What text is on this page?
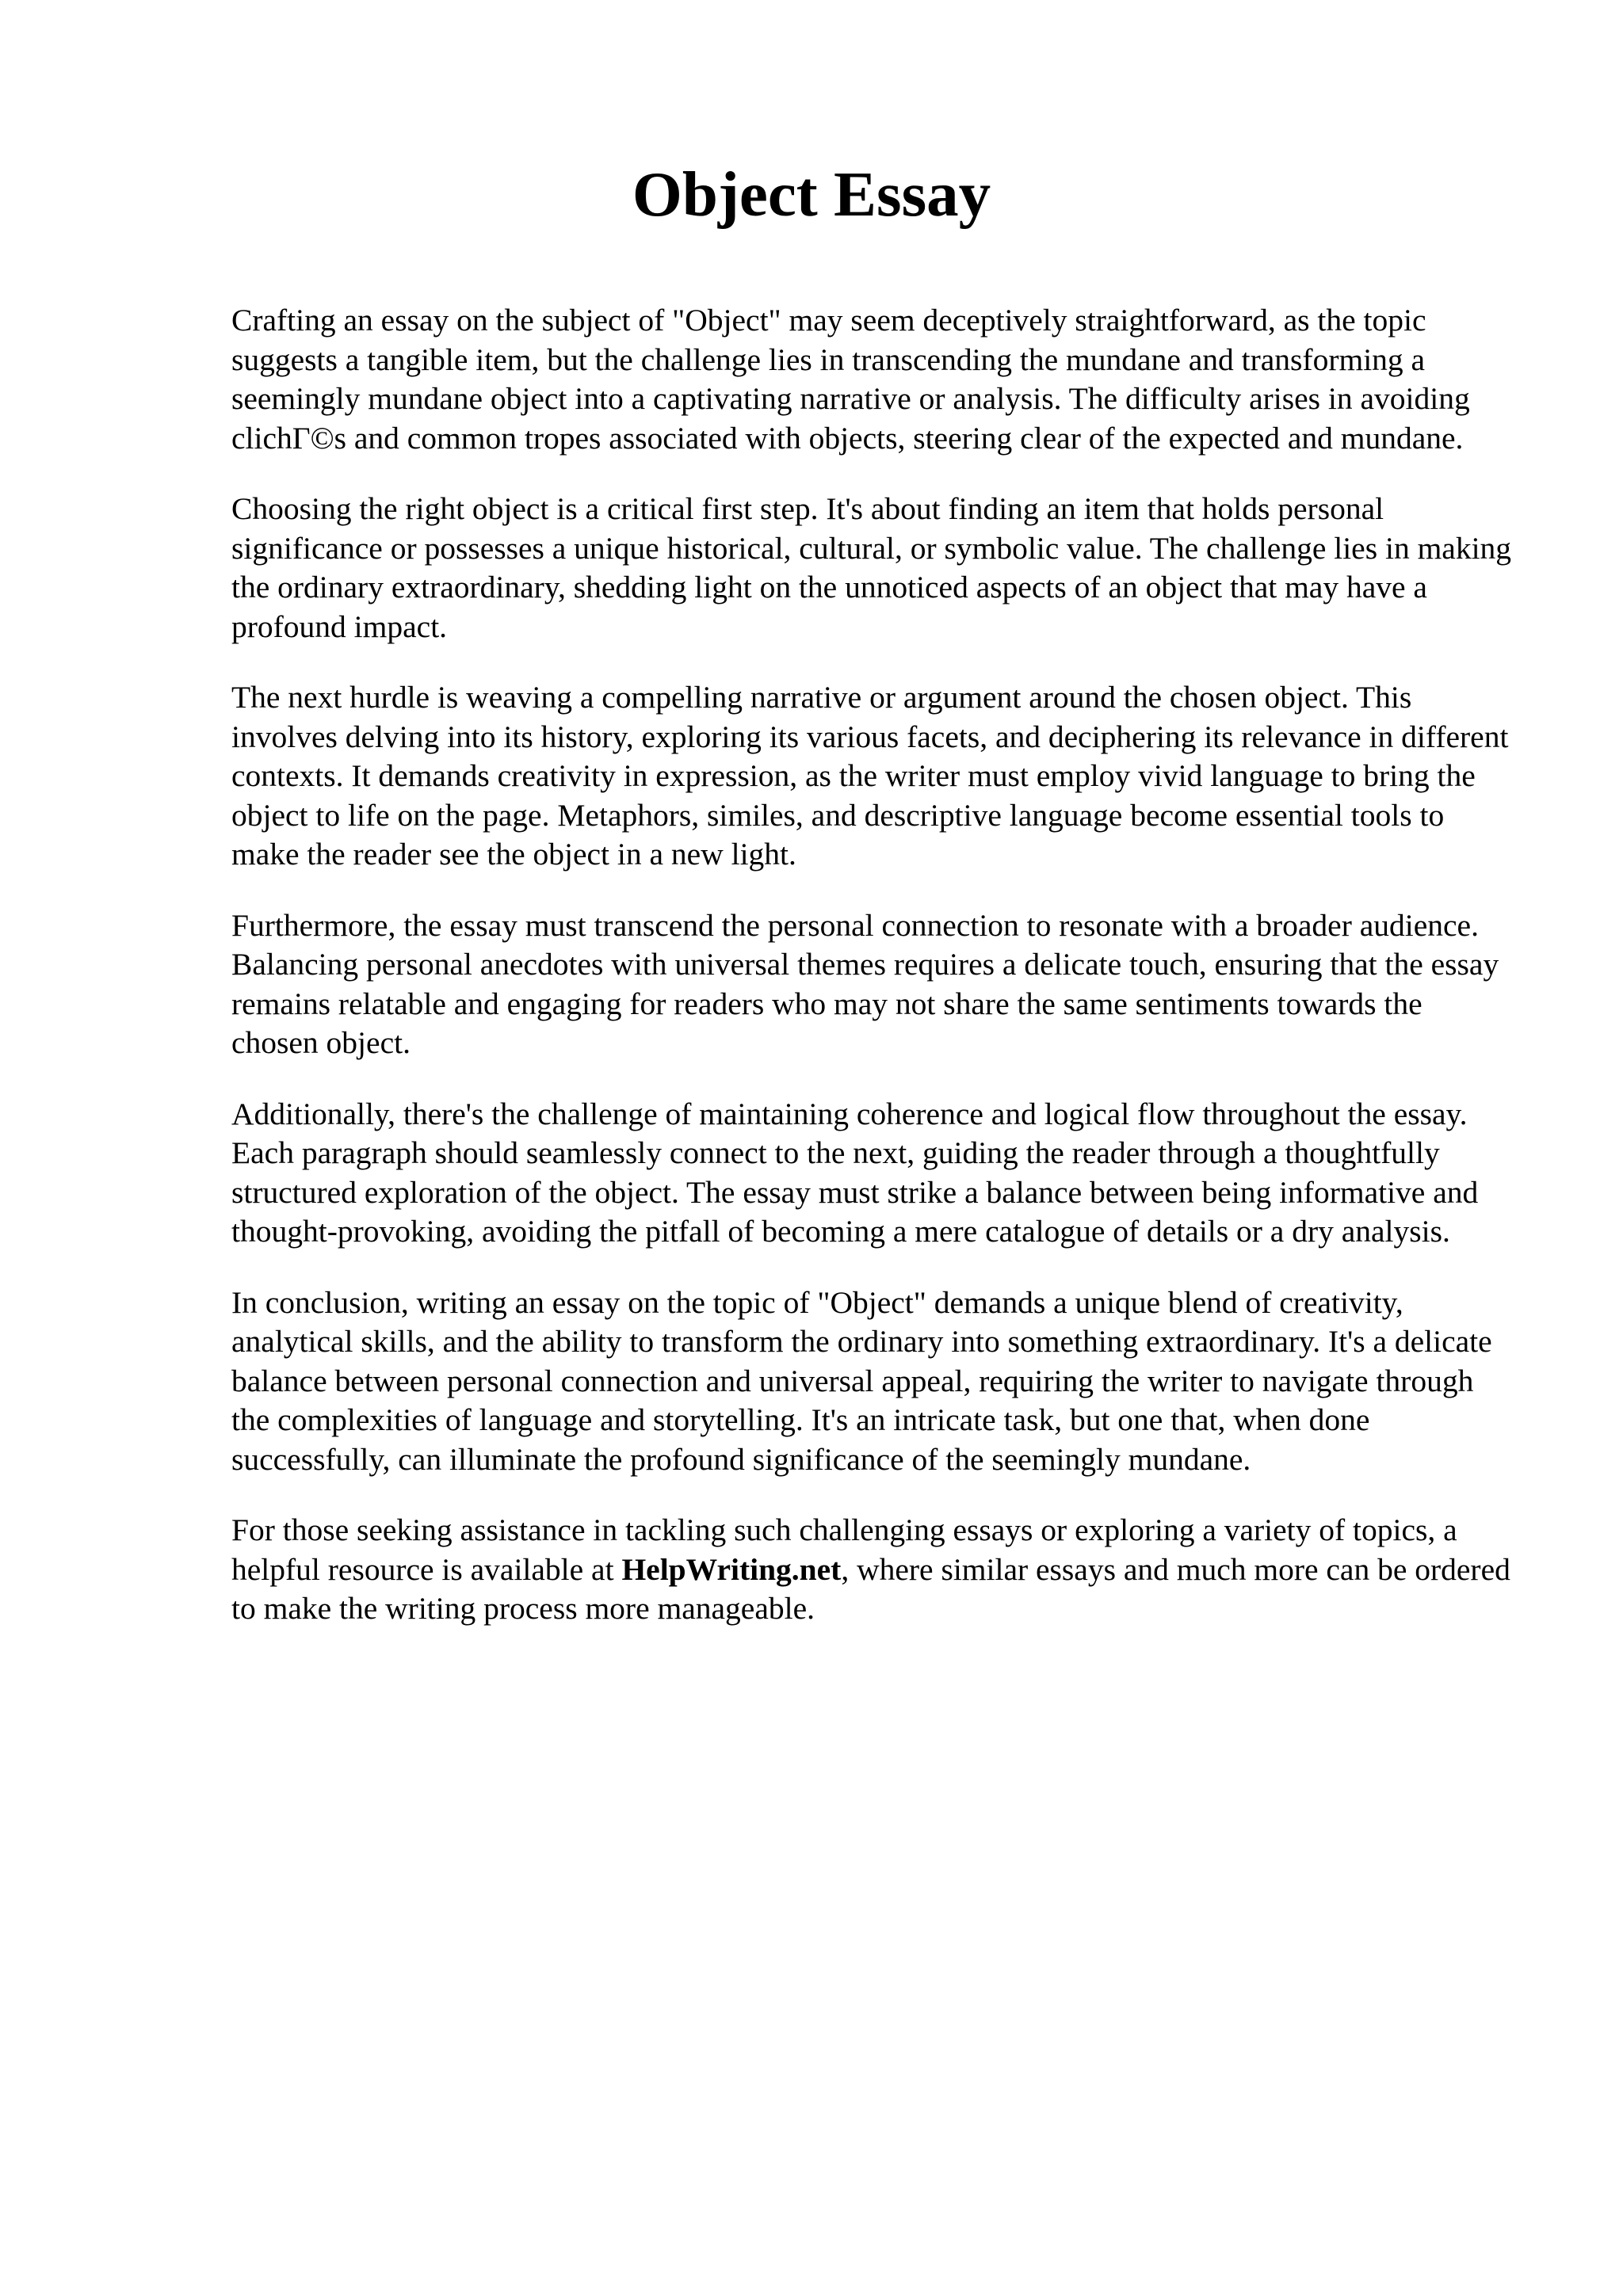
Object Essay

Crafting an essay on the subject of "Object" may seem deceptively straightforward, as the topic suggests a tangible item, but the challenge lies in transcending the mundane and transforming a seemingly mundane object into a captivating narrative or analysis. The difficulty arises in avoiding clichΓ©s and common tropes associated with objects, steering clear of the expected and mundane.

Choosing the right object is a critical first step. It's about finding an item that holds personal significance or possesses a unique historical, cultural, or symbolic value. The challenge lies in making the ordinary extraordinary, shedding light on the unnoticed aspects of an object that may have a profound impact.

The next hurdle is weaving a compelling narrative or argument around the chosen object. This involves delving into its history, exploring its various facets, and deciphering its relevance in different contexts. It demands creativity in expression, as the writer must employ vivid language to bring the object to life on the page. Metaphors, similes, and descriptive language become essential tools to make the reader see the object in a new light.

Furthermore, the essay must transcend the personal connection to resonate with a broader audience. Balancing personal anecdotes with universal themes requires a delicate touch, ensuring that the essay remains relatable and engaging for readers who may not share the same sentiments towards the chosen object.

Additionally, there's the challenge of maintaining coherence and logical flow throughout the essay. Each paragraph should seamlessly connect to the next, guiding the reader through a thoughtfully structured exploration of the object. The essay must strike a balance between being informative and thought-provoking, avoiding the pitfall of becoming a mere catalogue of details or a dry analysis.

In conclusion, writing an essay on the topic of "Object" demands a unique blend of creativity, analytical skills, and the ability to transform the ordinary into something extraordinary. It's a delicate balance between personal connection and universal appeal, requiring the writer to navigate through the complexities of language and storytelling. It's an intricate task, but one that, when done successfully, can illuminate the profound significance of the seemingly mundane.

For those seeking assistance in tackling such challenging essays or exploring a variety of topics, a helpful resource is available at HelpWriting.net, where similar essays and much more can be ordered to make the writing process more manageable.
